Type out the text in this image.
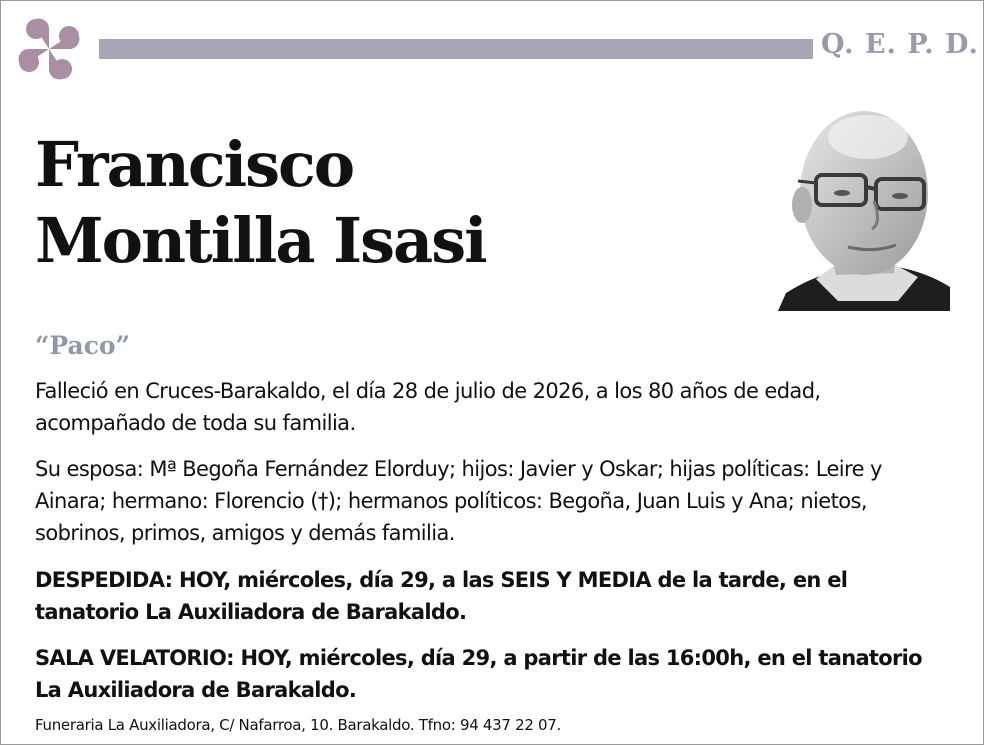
Q. E. P. D.
Francisco
Montilla Isasi
“Paco”
Falleció en Cruces-Barakaldo, el día 28 de julio de 2026, a los 80 años de edad, acompañado de toda su familia.
Su esposa: Mª Begoña Fernández Elorduy; hijos: Javier y Oskar; hijas políticas: Leire y Ainara; hermano: Florencio (†); hermanos políticos: Begoña, Juan Luis y Ana; nietos, sobrinos, primos, amigos y demás familia.
DESPEDIDA: HOY, miércoles, día 29, a las SEIS Y MEDIA de la tarde, en el tanatorio La Auxiliadora de Barakaldo.
SALA VELATORIO: HOY, miércoles, día 29, a partir de las 16:00h, en el tanatorio La Auxiliadora de Barakaldo.
Funeraria La Auxiliadora, C/ Nafarroa, 10. Barakaldo. Tfno: 94 437 22 07.
